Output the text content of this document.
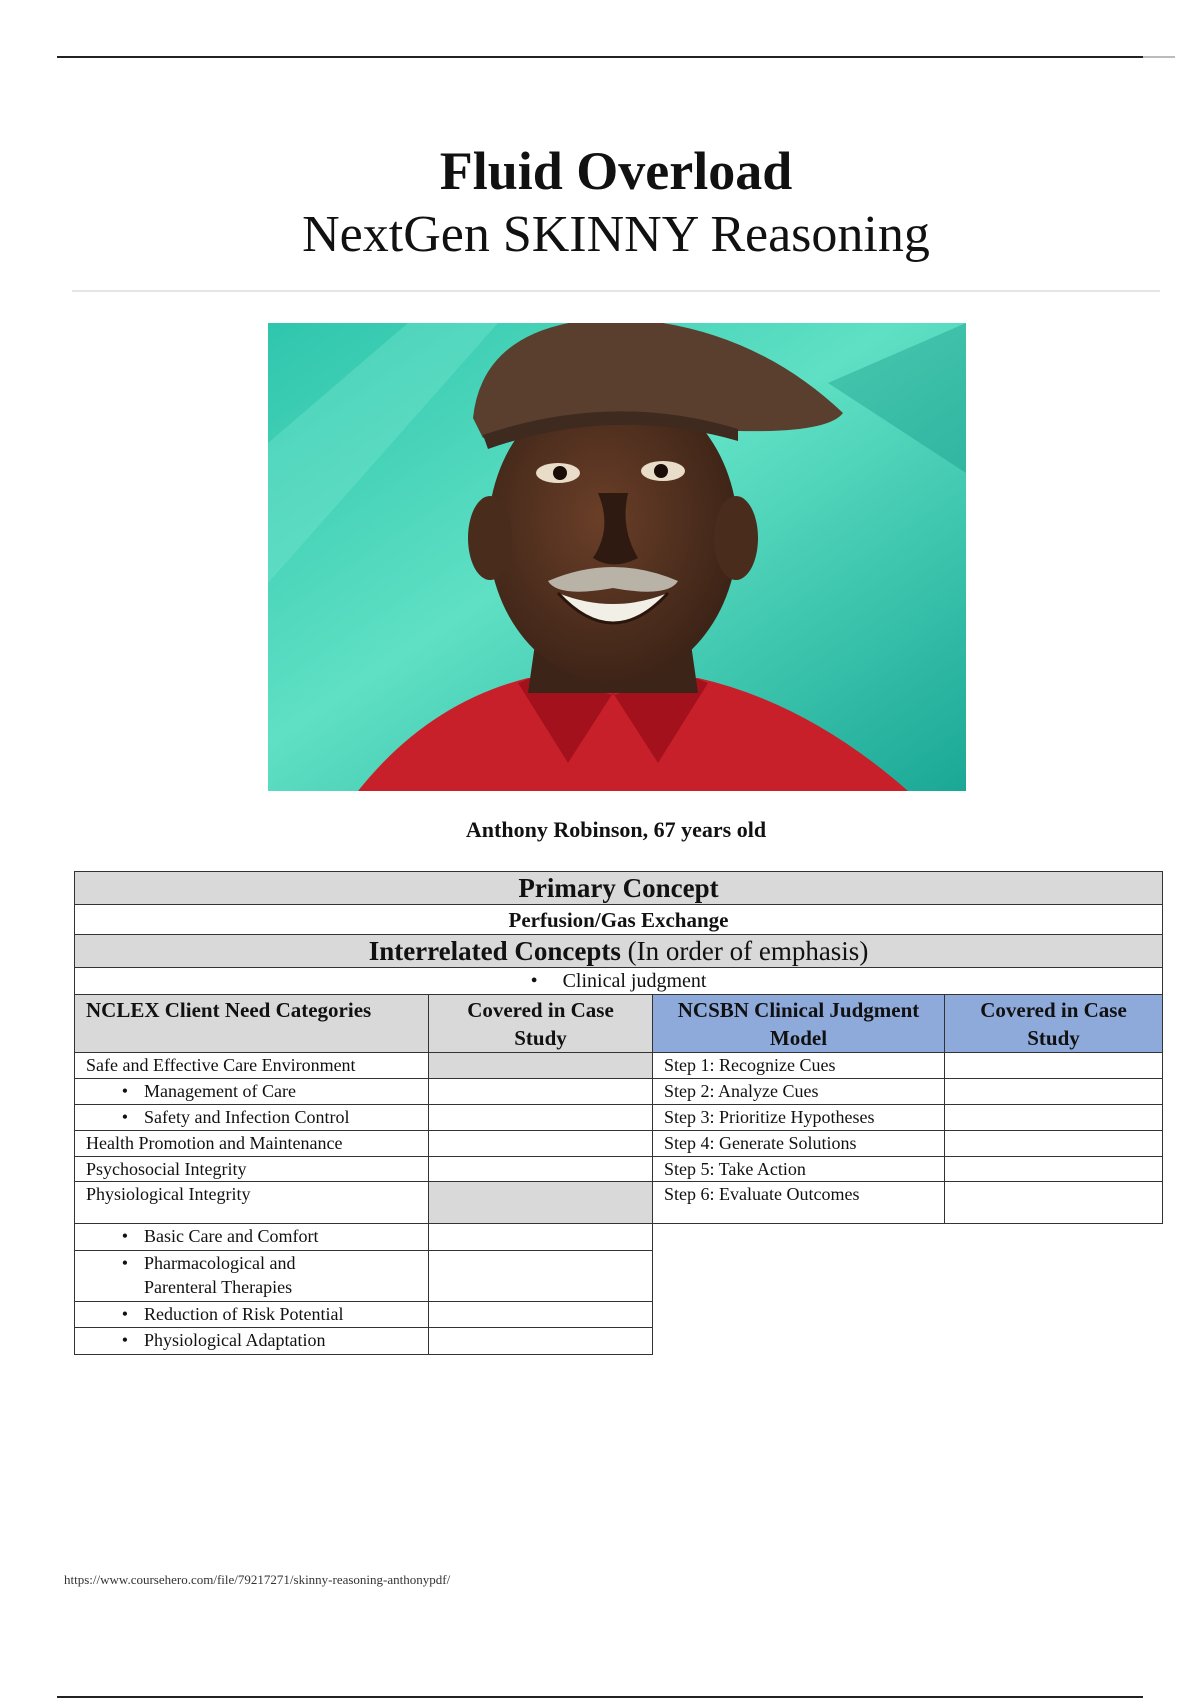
Fluid Overload
NextGen SKINNY Reasoning
Anthony Robinson, 67 years old
Primary Concept			
Perfusion/Gas Exchange			
Interrelated Concepts (In order of emphasis)			
•     Clinical judgment			
NCLEX Client Need Categories	Covered in Case Study	NCSBN Clinical Judgment Model	Covered in Case Study
Safe and Effective Care Environment		Step 1: Recognize Cues	
• Management of Care		Step 2: Analyze Cues	
• Safety and Infection Control		Step 3: Prioritize Hypotheses	
Health Promotion and Maintenance		Step 4: Generate Solutions	
Psychosocial Integrity		Step 5: Take Action	
Physiological Integrity		Step 6: Evaluate Outcomes	
• Basic Care and Comfort			
• Pharmacological and Parenteral Therapies			
• Reduction of Risk Potential			
• Physiological Adaptation			
https://www.coursehero.com/file/79217271/skinny-reasoning-anthonypdf/
